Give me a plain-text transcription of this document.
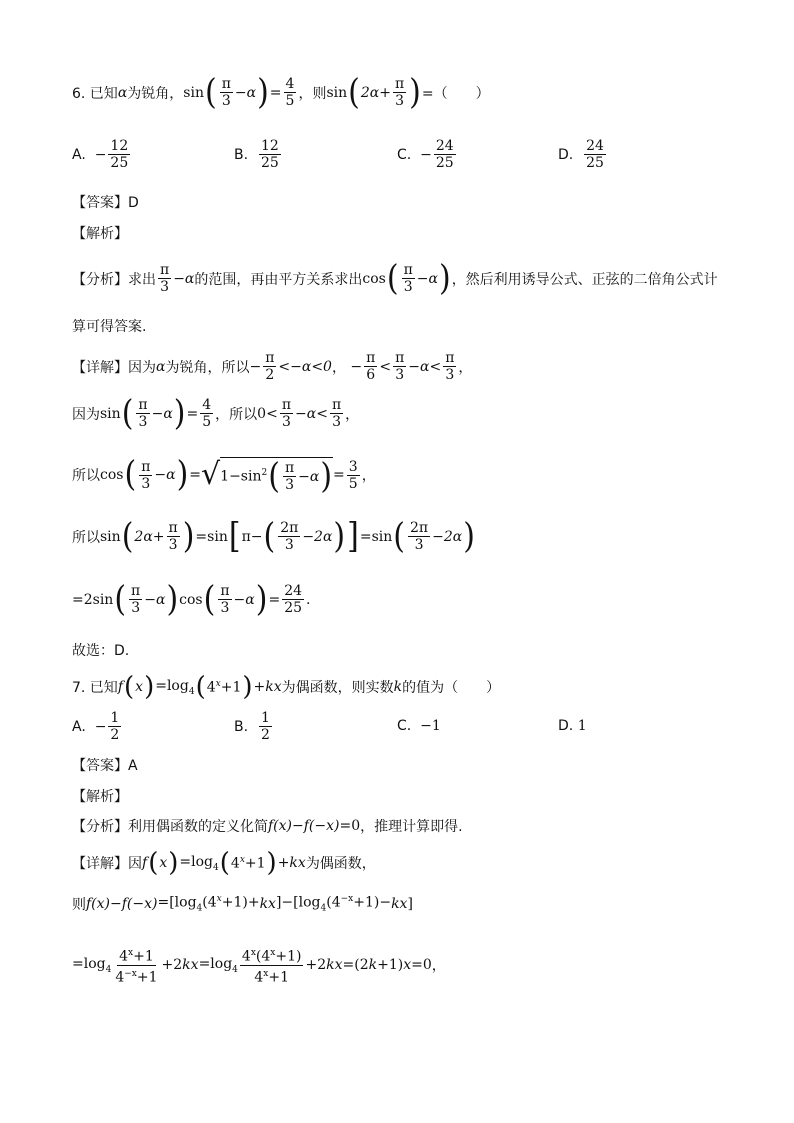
6. 已知 α 为锐角， sin ( $\frac{\pi}{3} -\alpha$ ) = $\frac{4}{5}$ ，则 sin ( $2\alpha+ \frac{\pi}{3}$ ) =（　　）
A.
− $\frac{12}{25}$	B.
$\frac{12}{25}$	C.
− $\frac{24}{25}$	D.
$\frac{24}{25}$
【答案】D
【解析】
【分析】求出 $\frac{\pi}{3} -\alpha$ 的范围，再由平方关系求出 cos ( $\frac{\pi}{3} -\alpha$ ) ，然后利用诱导公式、正弦的二倍角公式计
算可得答案.
【详解】因为 α 为锐角，所以 − $\frac{\pi}{2} <-\alpha<0$ ，
− $\frac{\pi}{6} < \frac{\pi}{3} -\alpha< \frac{\pi}{3}$ ，
因为 sin ( $\frac{\pi}{3} -\alpha$ ) = $\frac{4}{5}$ ，所以 $0< \frac{\pi}{3} -\alpha< \frac{\pi}{3}$ ，
所以 cos ( $\frac{\pi}{3} -\alpha$ ) = √ $1-\sin^2$ ( $\frac{\pi}{3} -\alpha$ ) = $\frac{3}{5}$ ，
所以 sin ( $2\alpha+ \frac{\pi}{3}$ ) =sin [ π− ( $\frac{2\pi}{3} -2\alpha$ ) ] =sin ( $\frac{2\pi}{3} -2\alpha$ )
=2sin ( $\frac{\pi}{3} -\alpha$ ) cos ( $\frac{\pi}{3} -\alpha$ ) = $\frac{24}{25}$ .
故选：D.
7. 已知 f ( x ) $=\log_4$ ( $4^x+1$ ) +kx 为偶函数，则实数 k 的值为（　　）
A.
− $\frac{1}{2}$	B.
$\frac{1}{2}$	C.
−1	D.
1
【答案】A
【解析】
【分析】利用偶函数的定义化简 f(x) − f(−x) =0 ，推理计算即得.
【详解】因 f ( x ) $=\log_4$ ( $4^x+1$ ) +kx 为偶函数，
则 $f(x) - f(-x) =[\log_4(4^x+1)+$ kx ]$-[\log_4(4^{-x}+1)-$ kx ]
$=\log_4 \frac{4^x+1}{4^{-x}+1} +2$ kx $=\log_4 \frac{4^x(4^x+1)}{4^x+1} +2$ kx =(2 k +1) x =0 ，
